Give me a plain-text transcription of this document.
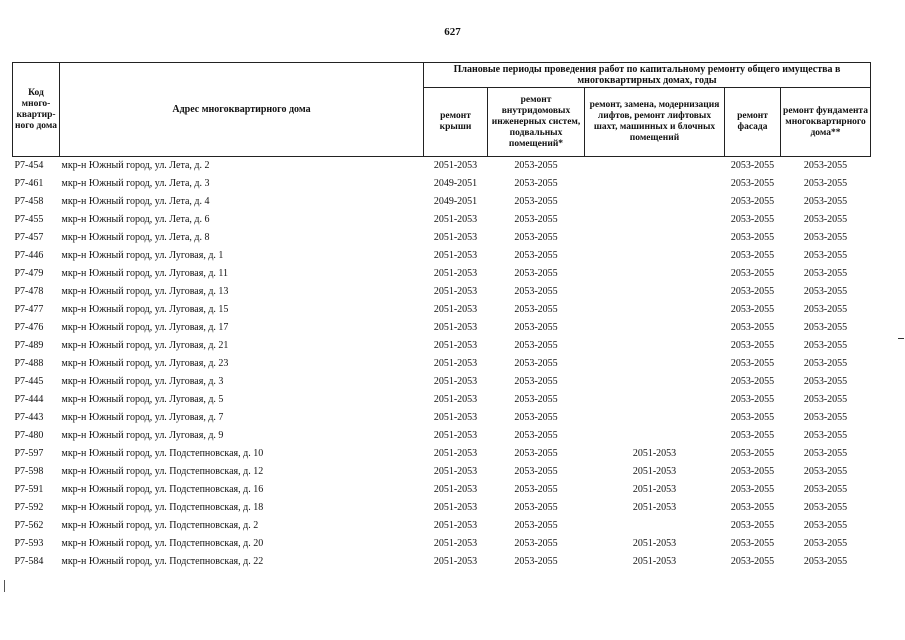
627
Код много-квартир-ного дома	Адрес многоквартирного дома	Плановые периоды проведения работ по капитальному ремонту общего имущества в многоквартирных домах, годы				
		ремонт крыши	ремонт внутридомовых инженерных систем, подвальных помещений*	ремонт, замена, модернизация лифтов, ремонт лифтовых шахт, машинных и блочных помещений	ремонт фасада	ремонт фундамента многоквартирного дома**
Р7-454	мкр-н Южный город, ул. Лета, д. 2	2051-2053	2053-2055		2053-2055	2053-2055
Р7-461	мкр-н Южный город, ул. Лета, д. 3	2049-2051	2053-2055		2053-2055	2053-2055
Р7-458	мкр-н Южный город, ул. Лета, д. 4	2049-2051	2053-2055		2053-2055	2053-2055
Р7-455	мкр-н Южный город, ул. Лета, д. 6	2051-2053	2053-2055		2053-2055	2053-2055
Р7-457	мкр-н Южный город, ул. Лета, д. 8	2051-2053	2053-2055		2053-2055	2053-2055
Р7-446	мкр-н Южный город, ул. Луговая, д. 1	2051-2053	2053-2055		2053-2055	2053-2055
Р7-479	мкр-н Южный город, ул. Луговая, д. 11	2051-2053	2053-2055		2053-2055	2053-2055
Р7-478	мкр-н Южный город, ул. Луговая, д. 13	2051-2053	2053-2055		2053-2055	2053-2055
Р7-477	мкр-н Южный город, ул. Луговая, д. 15	2051-2053	2053-2055		2053-2055	2053-2055
Р7-476	мкр-н Южный город, ул. Луговая, д. 17	2051-2053	2053-2055		2053-2055	2053-2055
Р7-489	мкр-н Южный город, ул. Луговая, д. 21	2051-2053	2053-2055		2053-2055	2053-2055
Р7-488	мкр-н Южный город, ул. Луговая, д. 23	2051-2053	2053-2055		2053-2055	2053-2055
Р7-445	мкр-н Южный город, ул. Луговая, д. 3	2051-2053	2053-2055		2053-2055	2053-2055
Р7-444	мкр-н Южный город, ул. Луговая, д. 5	2051-2053	2053-2055		2053-2055	2053-2055
Р7-443	мкр-н Южный город, ул. Луговая, д. 7	2051-2053	2053-2055		2053-2055	2053-2055
Р7-480	мкр-н Южный город, ул. Луговая, д. 9	2051-2053	2053-2055		2053-2055	2053-2055
Р7-597	мкр-н Южный город, ул. Подстепновская, д. 10	2051-2053	2053-2055	2051-2053	2053-2055	2053-2055
Р7-598	мкр-н Южный город, ул. Подстепновская, д. 12	2051-2053	2053-2055	2051-2053	2053-2055	2053-2055
Р7-591	мкр-н Южный город, ул. Подстепновская, д. 16	2051-2053	2053-2055	2051-2053	2053-2055	2053-2055
Р7-592	мкр-н Южный город, ул. Подстепновская, д. 18	2051-2053	2053-2055	2051-2053	2053-2055	2053-2055
Р7-562	мкр-н Южный город, ул. Подстепновская, д. 2	2051-2053	2053-2055		2053-2055	2053-2055
Р7-593	мкр-н Южный город, ул. Подстепновская, д. 20	2051-2053	2053-2055	2051-2053	2053-2055	2053-2055
Р7-584	мкр-н Южный город, ул. Подстепновская, д. 22	2051-2053	2053-2055	2051-2053	2053-2055	2053-2055
